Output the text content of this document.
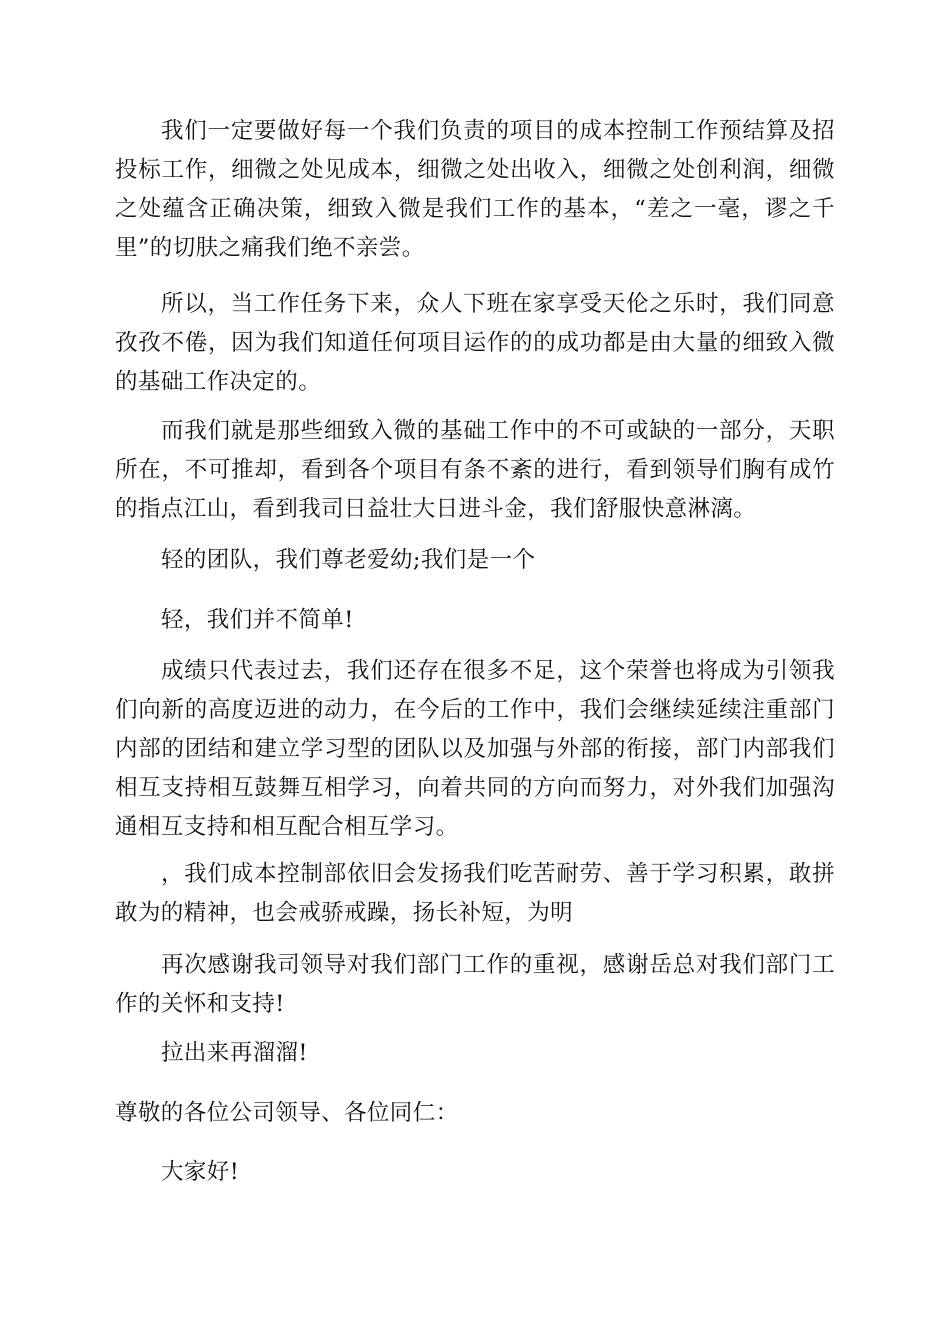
我们一定要做好每一个我们负责的项目的成本控制工作预结算及招投标工作，细微之处见成本，细微之处出收入，细微之处创利润，细微之处蕴含正确决策，细致入微是我们工作的基本，“差之一毫，谬之千里”的切肤之痛我们绝不亲尝。

所以，当工作任务下来，众人下班在家享受天伦之乐时，我们同意孜孜不倦，因为我们知道任何项目运作的的成功都是由大量的细致入微的基础工作决定的。

而我们就是那些细致入微的基础工作中的不可或缺的一部分，天职所在，不可推却，看到各个项目有条不紊的进行，看到领导们胸有成竹的指点江山，看到我司日益壮大日进斗金，我们舒服快意淋漓。

轻的团队，我们尊老爱幼;我们是一个

轻，我们并不简单!

成绩只代表过去，我们还存在很多不足，这个荣誉也将成为引领我们向新的高度迈进的动力，在今后的工作中，我们会继续延续注重部门内部的团结和建立学习型的团队以及加强与外部的衔接，部门内部我们相互支持相互鼓舞互相学习，向着共同的方向而努力，对外我们加强沟通相互支持和相互配合相互学习。

，我们成本控制部依旧会发扬我们吃苦耐劳、善于学习积累，敢拼敢为的精神，也会戒骄戒躁，扬长补短，为明

再次感谢我司领导对我们部门工作的重视，感谢岳总对我们部门工作的关怀和支持!

拉出来再溜溜!

尊敬的各位公司领导、各位同仁：

大家好!
